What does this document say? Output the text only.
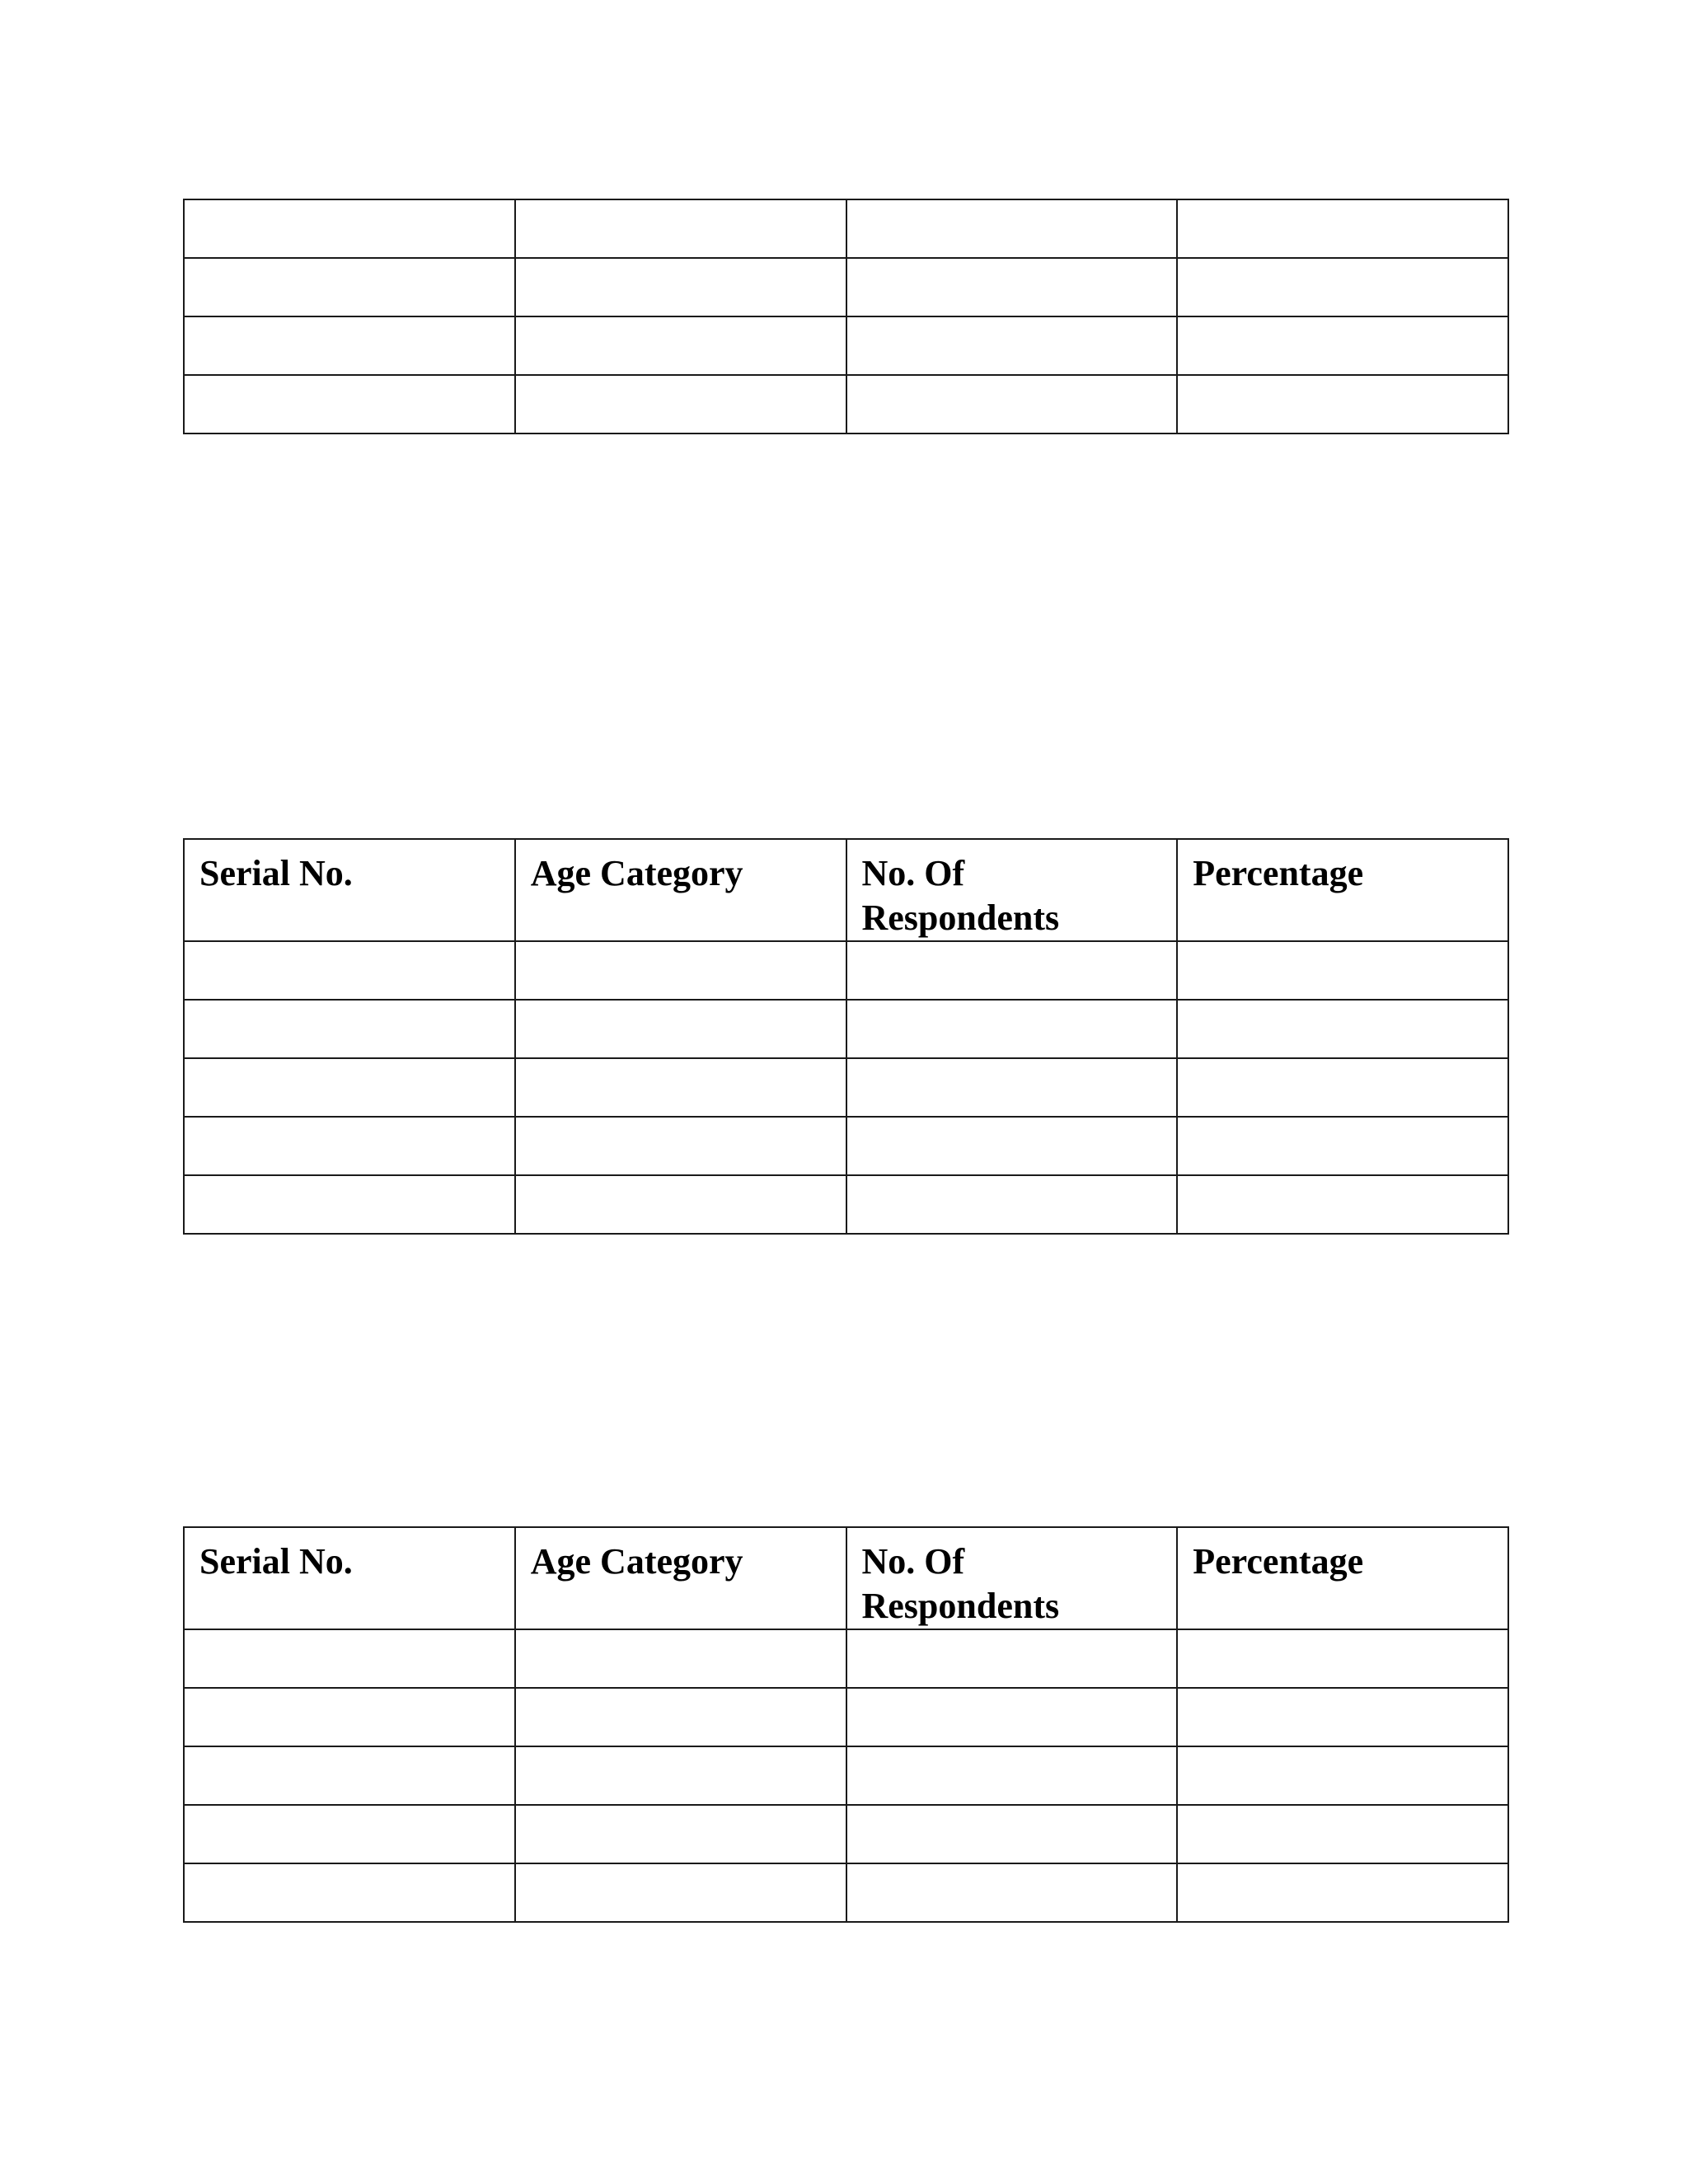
Serial No.	Age Category	No. Of Respondents	Percentage

Serial No.	Age Category	No. Of Respondents	Percentage
